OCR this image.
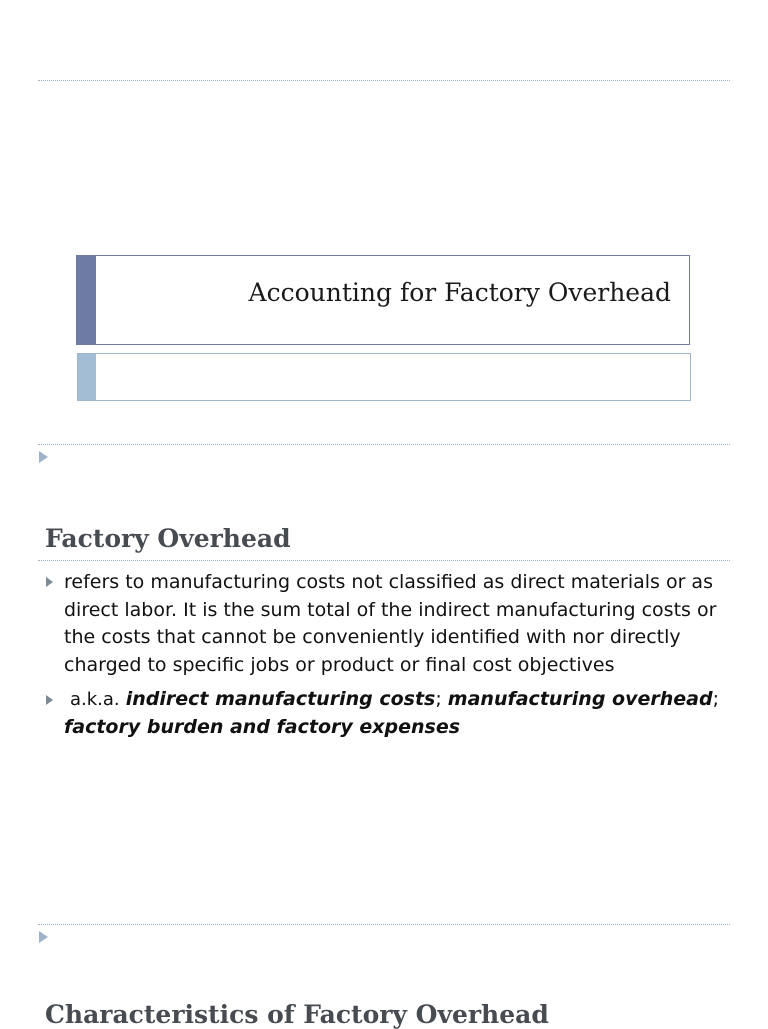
Accounting for Factory Overhead
Factory Overhead
refers to manufacturing costs not classified as direct materials or as direct labor. It is the sum total of the indirect manufacturing costs or the costs that cannot be conveniently identified with nor directly charged to specific jobs or product or final cost objectives
a.k.a. indirect manufacturing costs; manufacturing overhead; factory burden and factory expenses
Characteristics of Factory Overhead
